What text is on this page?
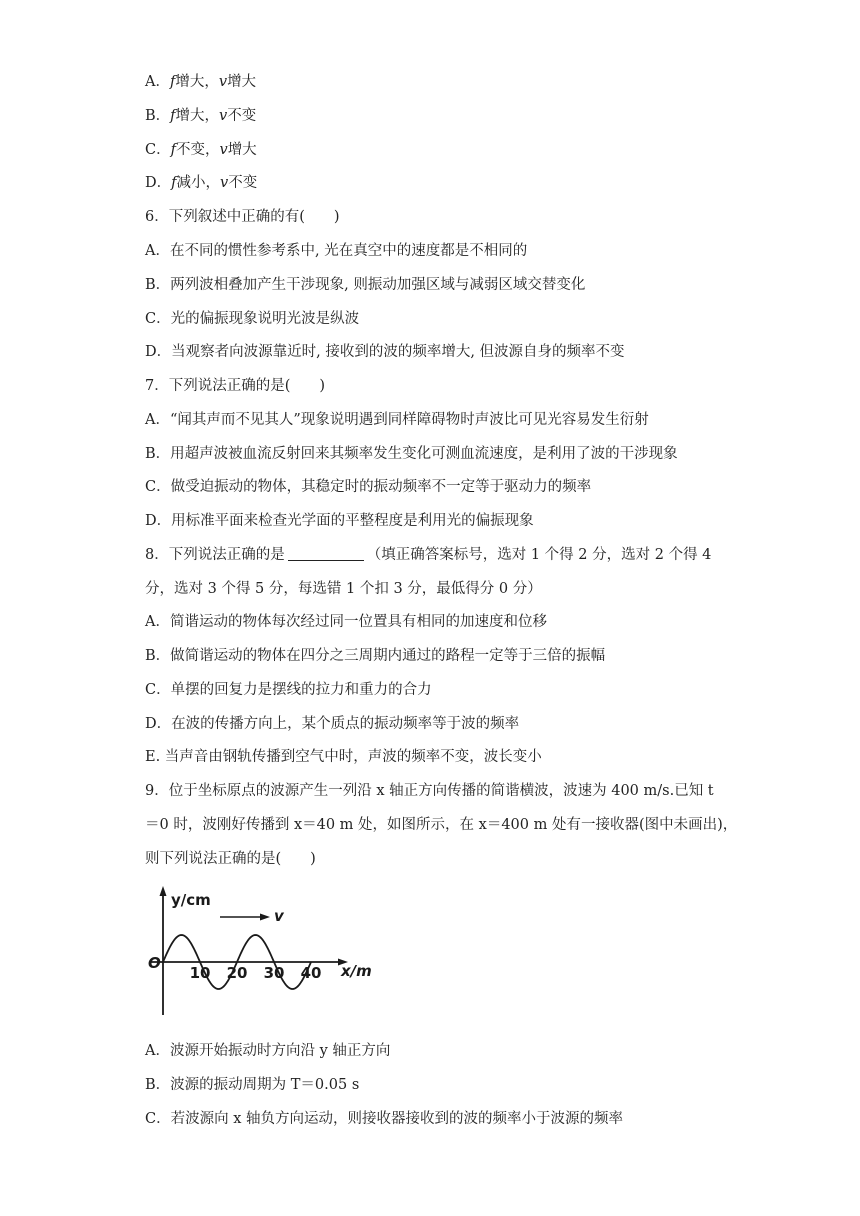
A．f增大，v增大
B．f增大，v不变
C．f不变，v增大
D．f减小，v不变
6．下列叙述中正确的有(　　)
A．在不同的惯性参考系中, 光在真空中的速度都是不相同的
B．两列波相叠加产生干涉现象, 则振动加强区域与减弱区域交替变化
C．光的偏振现象说明光波是纵波
D．当观察者向波源靠近时, 接收到的波的频率增大, 但波源自身的频率不变
7．下列说法正确的是(　　)
A．“闻其声而不见其人”现象说明遇到同样障碍物时声波比可见光容易发生衍射
B．用超声波被血流反射回来其频率发生变化可测血流速度，是利用了波的干涉现象
C．做受迫振动的物体，其稳定时的振动频率不一定等于驱动力的频率
D．用标准平面来检查光学面的平整程度是利用光的偏振现象
8．下列说法正确的是	（填正确答案标号，选对 1 个得 2 分，选对 2 个得 4
分，选对 3 个得 5 分，每选错 1 个扣 3 分，最低得分 0 分）
A．简谐运动的物体每次经过同一位置具有相同的加速度和位移
B．做简谐运动的物体在四分之三周期内通过的路程一定等于三倍的振幅
C．单摆的回复力是摆线的拉力和重力的合力
D．在波的传播方向上，某个质点的振动频率等于波的频率
E. 当声音由钢轨传播到空气中时，声波的频率不变，波长变小
9．位于坐标原点的波源产生一列沿 x 轴正方向传播的简谐横波，波速为 400 m/s.已知 t
＝0 时，波刚好传播到 x＝40 m 处，如图所示，在 x＝400 m 处有一接收器(图中未画出)，
则下列说法正确的是(　　)
y/cm
O
v
10 20 30 40 x/m
A．波源开始振动时方向沿 y 轴正方向
B．波源的振动周期为 T＝0.05 s
C．若波源向 x 轴负方向运动，则接收器接收到的波的频率小于波源的频率
